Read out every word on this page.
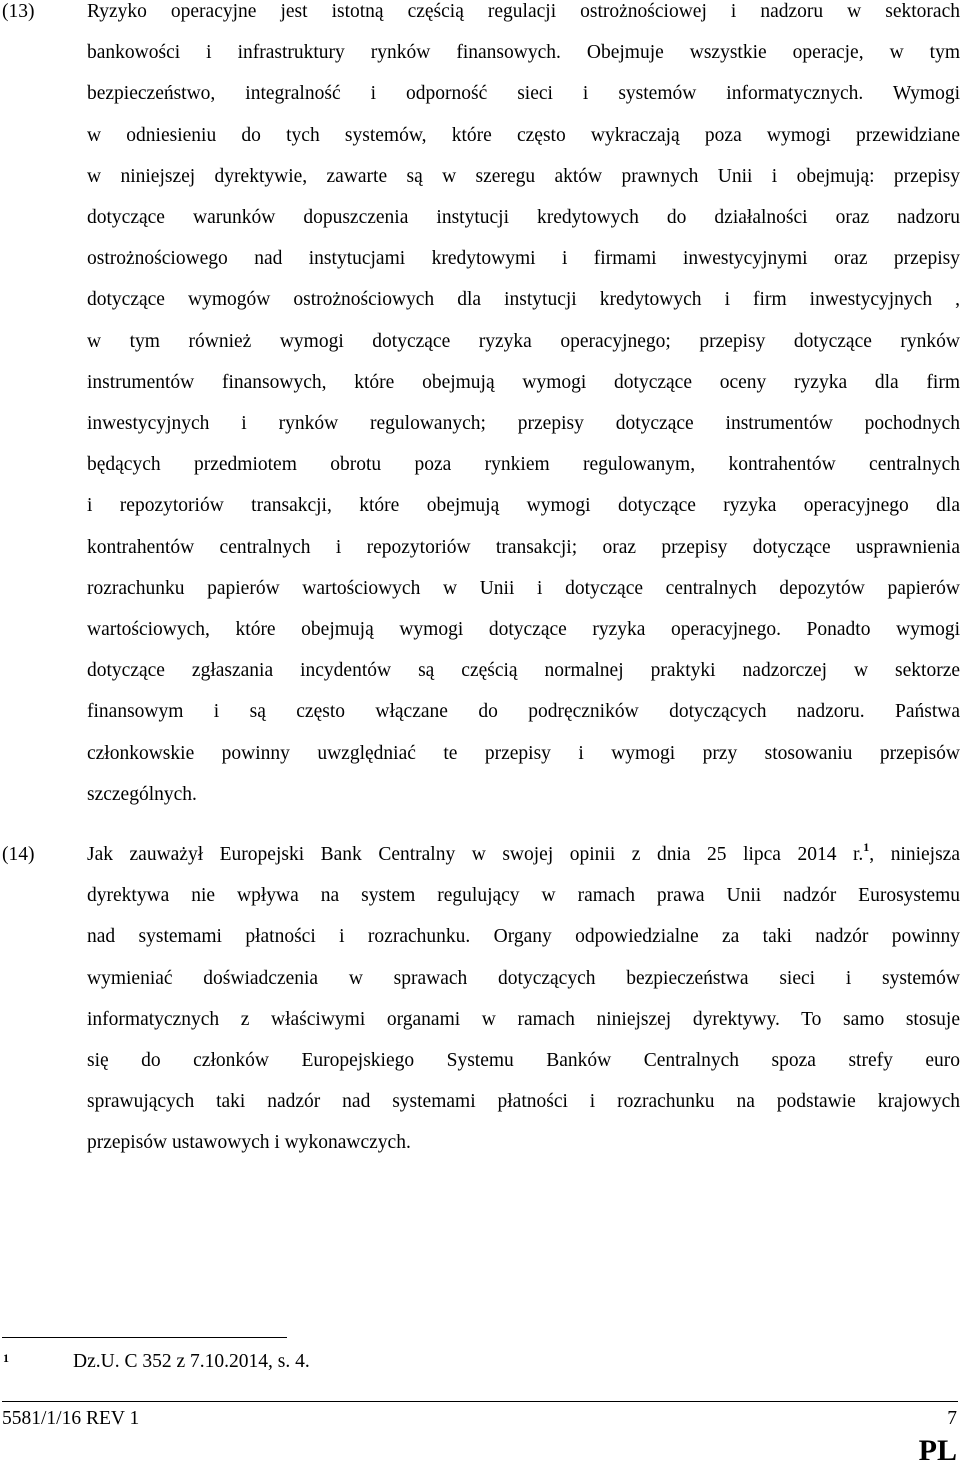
(13)	Ryzyko operacyjne jest istotną częścią regulacji ostrożnościowej i nadzoru w sektorach
bankowości i infrastruktury rynków finansowych. Obejmuje wszystkie operacje, w tym
bezpieczeństwo, integralność i odporność sieci i systemów informatycznych. Wymogi
w odniesieniu do tych systemów, które często wykraczają poza wymogi przewidziane
w niniejszej dyrektywie, zawarte są w szeregu aktów prawnych Unii i obejmują: przepisy
dotyczące warunków dopuszczenia instytucji kredytowych do działalności oraz nadzoru
ostrożnościowego nad instytucjami kredytowymi i firmami inwestycyjnymi oraz przepisy
dotyczące wymogów ostrożnościowych dla instytucji kredytowych i firm inwestycyjnych ,
w tym również wymogi dotyczące ryzyka operacyjnego; przepisy dotyczące rynków
instrumentów finansowych, które obejmują wymogi dotyczące oceny ryzyka dla firm
inwestycyjnych i rynków regulowanych; przepisy dotyczące instrumentów pochodnych
będących przedmiotem obrotu poza rynkiem regulowanym, kontrahentów centralnych
i repozytoriów transakcji, które obejmują wymogi dotyczące ryzyka operacyjnego dla
kontrahentów centralnych i repozytoriów transakcji; oraz przepisy dotyczące usprawnienia
rozrachunku papierów wartościowych w Unii i dotyczące centralnych depozytów papierów
wartościowych, które obejmują wymogi dotyczące ryzyka operacyjnego. Ponadto wymogi
dotyczące zgłaszania incydentów są częścią normalnej praktyki nadzorczej w sektorze
finansowym i są często włączane do podręczników dotyczących nadzoru. Państwa
członkowskie powinny uwzględniać te przepisy i wymogi przy stosowaniu przepisów
szczególnych.
(14)	Jak zauważył Europejski Bank Centralny w swojej opinii z dnia 25 lipca 2014 r.$^1$, niniejsza
dyrektywa nie wpływa na system regulujący w ramach prawa Unii nadzór Eurosystemu
nad systemami płatności i rozrachunku. Organy odpowiedzialne za taki nadzór powinny
wymieniać doświadczenia w sprawach dotyczących bezpieczeństwa sieci i systemów
informatycznych z właściwymi organami w ramach niniejszej dyrektywy. To samo stosuje
się do członków Europejskiego Systemu Banków Centralnych spoza strefy euro
sprawujących taki nadzór nad systemami płatności i rozrachunku na podstawie krajowych
przepisów ustawowych i wykonawczych.
1	Dz.U. C 352 z 7.10.2014, s. 4.
5581/1/16 REV 1	7
PL
